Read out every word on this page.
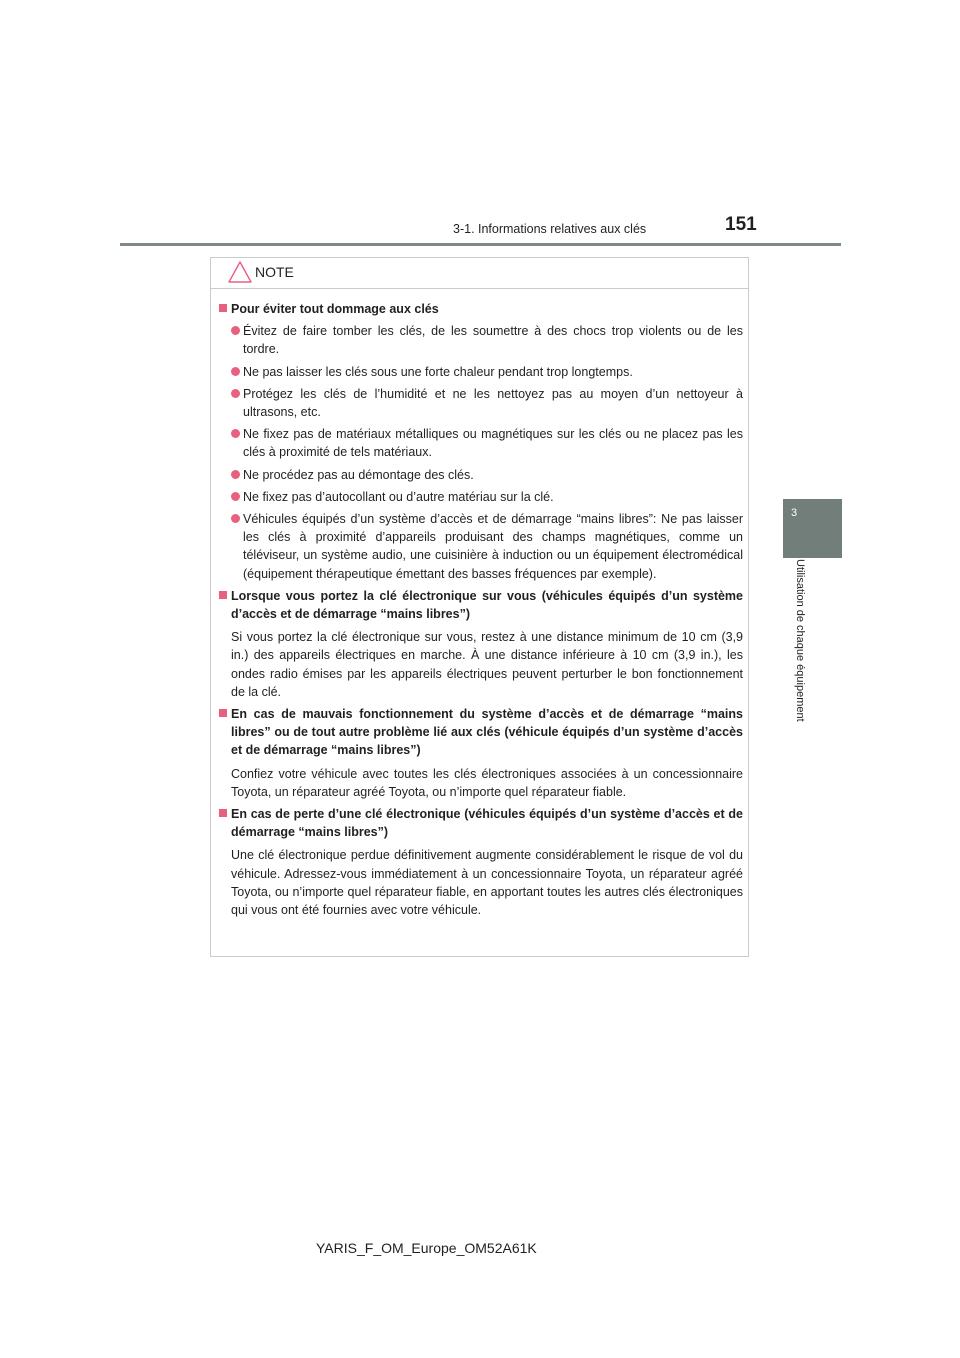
3-1. Informations relatives aux clés	151
3
Utilisation de chaque équipement
NOTE
Pour éviter tout dommage aux clés
Évitez de faire tomber les clés, de les soumettre à des chocs trop violents ou de les tordre.
Ne pas laisser les clés sous une forte chaleur pendant trop longtemps.
Protégez les clés de l’humidité et ne les nettoyez pas au moyen d’un nettoyeur à ultrasons, etc.
Ne fixez pas de matériaux métalliques ou magnétiques sur les clés ou ne placez pas les clés à proximité de tels matériaux.
Ne procédez pas au démontage des clés.
Ne fixez pas d’autocollant ou d’autre matériau sur la clé.
Véhicules équipés d’un système d’accès et de démarrage “mains libres”: Ne pas laisser les clés à proximité d’appareils produisant des champs magnétiques, comme un téléviseur, un système audio, une cuisinière à induction ou un équipement électromédical (équipement thérapeutique émettant des basses fréquences par exemple).
Lorsque vous portez la clé électronique sur vous (véhicules équipés d’un système d’accès et de démarrage “mains libres”)
Si vous portez la clé électronique sur vous, restez à une distance minimum de 10 cm (3,9 in.) des appareils électriques en marche. À une distance inférieure à 10 cm (3,9 in.), les ondes radio émises par les appareils électriques peuvent perturber le bon fonctionnement de la clé.
En cas de mauvais fonctionnement du système d’accès et de démarrage “mains libres” ou de tout autre problème lié aux clés (véhicule équipés d’un système d’accès et de démarrage “mains libres”)
Confiez votre véhicule avec toutes les clés électroniques associées à un concessionnaire Toyota, un réparateur agréé Toyota, ou n’importe quel réparateur fiable.
En cas de perte d’une clé électronique (véhicules équipés d’un système d’accès et de démarrage “mains libres”)
Une clé électronique perdue définitivement augmente considérablement le risque de vol du véhicule. Adressez-vous immédiatement à un concessionnaire Toyota, un réparateur agréé Toyota, ou n’importe quel réparateur fiable, en apportant toutes les autres clés électroniques qui vous ont été fournies avec votre véhicule.
YARIS_F_OM_Europe_OM52A61K
